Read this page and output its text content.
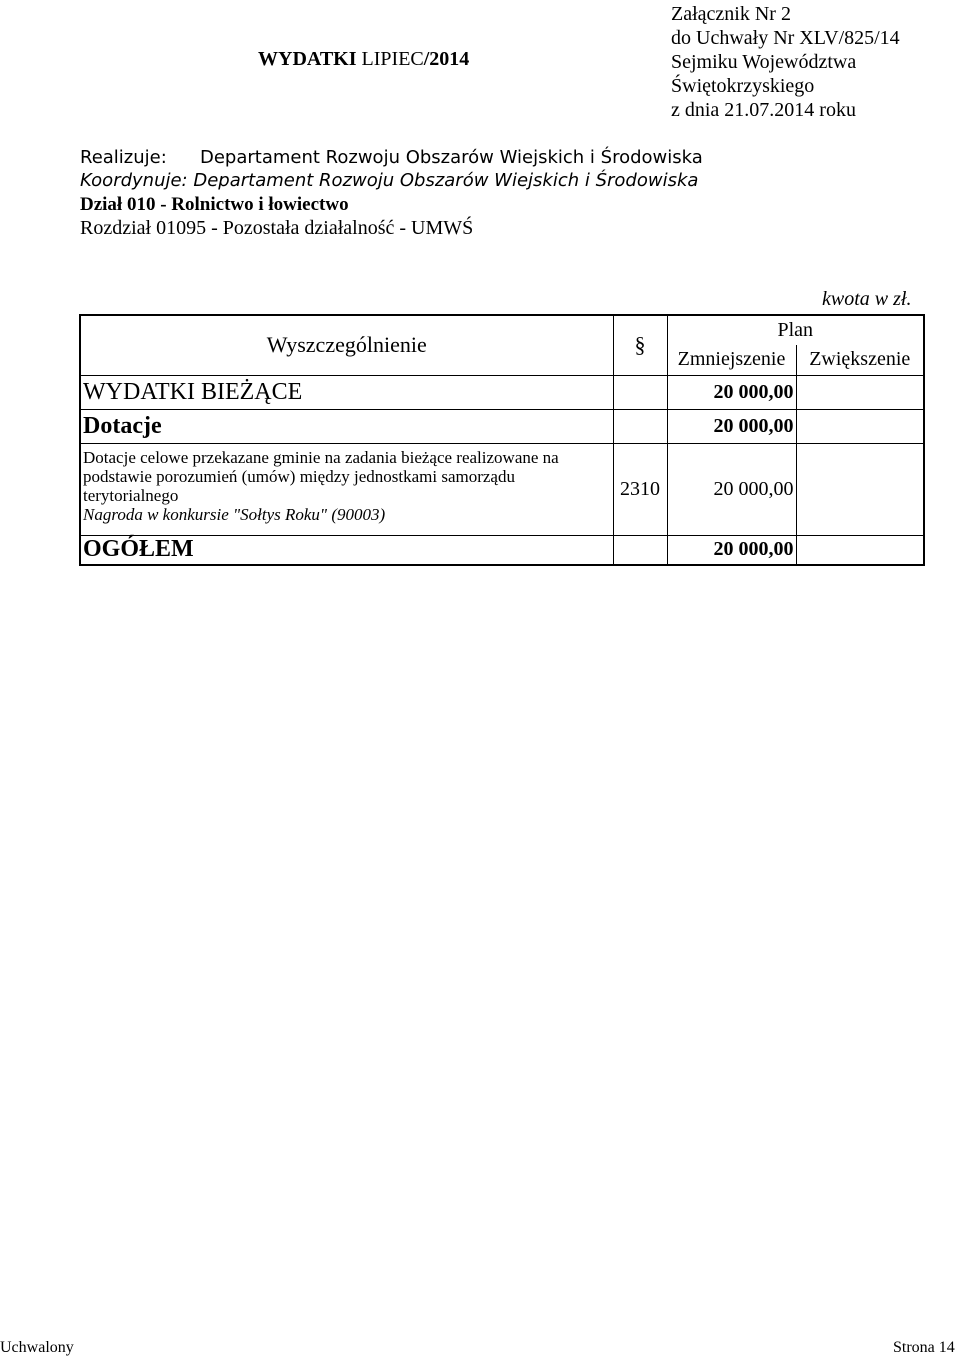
WYDATKI LIPIEC/2014
Załącznik Nr 2
do Uchwały Nr XLV/825/14
Sejmiku Województwa
Świętokrzyskiego
z dnia 21.07.2014 roku
Realizuje: Departament Rozwoju Obszarów Wiejskich i Środowiska
Koordynuje: Departament Rozwoju Obszarów Wiejskich i Środowiska
Dział 010 - Rolnictwo i łowiectwo
Rozdział 01095 - Pozostała działalność - UMWŚ
kwota w zł.
Wyszczególnienie	§	Plan	
		Zmniejszenie	Zwiększenie
WYDATKI BIEŻĄCE		20 000,00	
Dotacje		20 000,00	

Dotacje celowe przekazane gminie na zadania bieżące realizowane na podstawie porozumień (umów) między jednostkami samorządu terytorialnego
Nagroda w konkursie "Sołtys Roku" (90003)	2310	20 000,00	
OGÓŁEM		20 000,00	
Uchwalony	Strona 14
